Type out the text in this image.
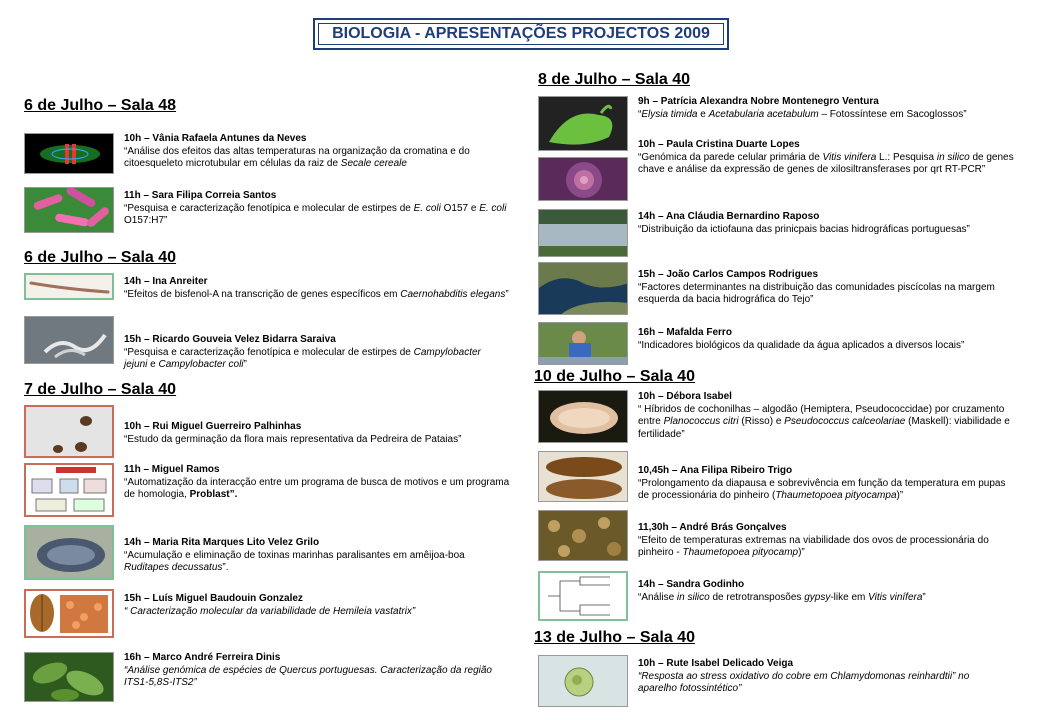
BIOLOGIA - APRESENTAÇÕES PROJECTOS 2009
6 de Julho – Sala 48
6 de Julho – Sala 40
7 de Julho – Sala 40
8 de Julho – Sala 40
10 de Julho – Sala 40
13 de Julho – Sala 40
10h – Vânia Rafaela Antunes da Neves
“Análise dos efeitos das altas temperaturas na organização da cromatina e do citoesqueleto microtubular em células da raiz de Secale cereale
11h – Sara Filipa Correia Santos
“Pesquisa e caracterização fenotípica e molecular de estirpes de E. coli O157 e E. coli O157:H7”
14h – Ina Anreiter
“Efeitos de bisfenol-A na transcrição de genes específicos em Caernohabditis elegans”
15h – Ricardo Gouveia Velez Bidarra Saraiva
“Pesquisa e caracterização fenotípica e molecular de estirpes de Campylobacter jejuni e Campylobacter coli”
10h – Rui Miguel Guerreiro Palhinhas
“Estudo da germinação da flora mais representativa da Pedreira de Pataias”
11h – Miguel Ramos
“Automatização da interacção entre um programa de busca de motivos e um programa de homologia, Problast”.
14h – Maria Rita Marques Lito Velez Grilo
“Acumulação e eliminação de toxinas marinhas paralisantes em amêijoa-boa Ruditapes decussatus”.
15h – Luís Miguel Baudouin Gonzalez
“ Caracterização molecular da variabilidade de Hemileia vastatrix”
16h – Marco André Ferreira Dinis
“Análise genómica de espécies de Quercus portuguesas. Caracterização da região ITS1-5,8S-ITS2”
9h – Patrícia Alexandra Nobre Montenegro Ventura
“Elysia timida e Acetabularia acetabulum – Fotossíntese em Sacoglossos”
10h – Paula Cristina Duarte Lopes
“Genómica da parede celular primária de Vitis vinifera L.: Pesquisa in silico de genes chave e análise da expressão de genes de xilosiltransferases por qrt RT-PCR”
14h – Ana Cláudia Bernardino Raposo
“Distribuição da ictiofauna das prinicpais bacias hidrográficas portuguesas”
15h – João Carlos Campos Rodrigues
“Factores determinantes na distribuição das comunidades piscícolas na margem esquerda da bacia hidrográfica do Tejo”
16h – Mafalda Ferro
“Indicadores biológicos da qualidade da água aplicados a diversos locais”
10h – Débora Isabel
“ Híbridos de cochonilhas – algodão (Hemiptera, Pseudococcidae) por cruzamento entre Planococcus citri (Risso) e Pseudococcus calceolariae (Maskell): viabilidade e fertilidade”
10,45h – Ana Filipa Ribeiro Trigo
“Prolongamento da diapausa e sobrevivência em função da temperatura em pupas de processionária do pinheiro (Thaumetopoea pityocampa)”
11,30h – André Brás Gonçalves
“Efeito de temperaturas extremas na viabilidade dos ovos de processionária do pinheiro - Thaumetopoea pityocamp)”
14h – Sandra Godinho
“Análise in silico de retrotransposões gypsy-like em Vitis vinífera”
10h – Rute Isabel Delicado Veiga
“Resposta ao stress oxidativo do cobre em Chlamydomonas reinhardtii” no aparelho fotossintético”
